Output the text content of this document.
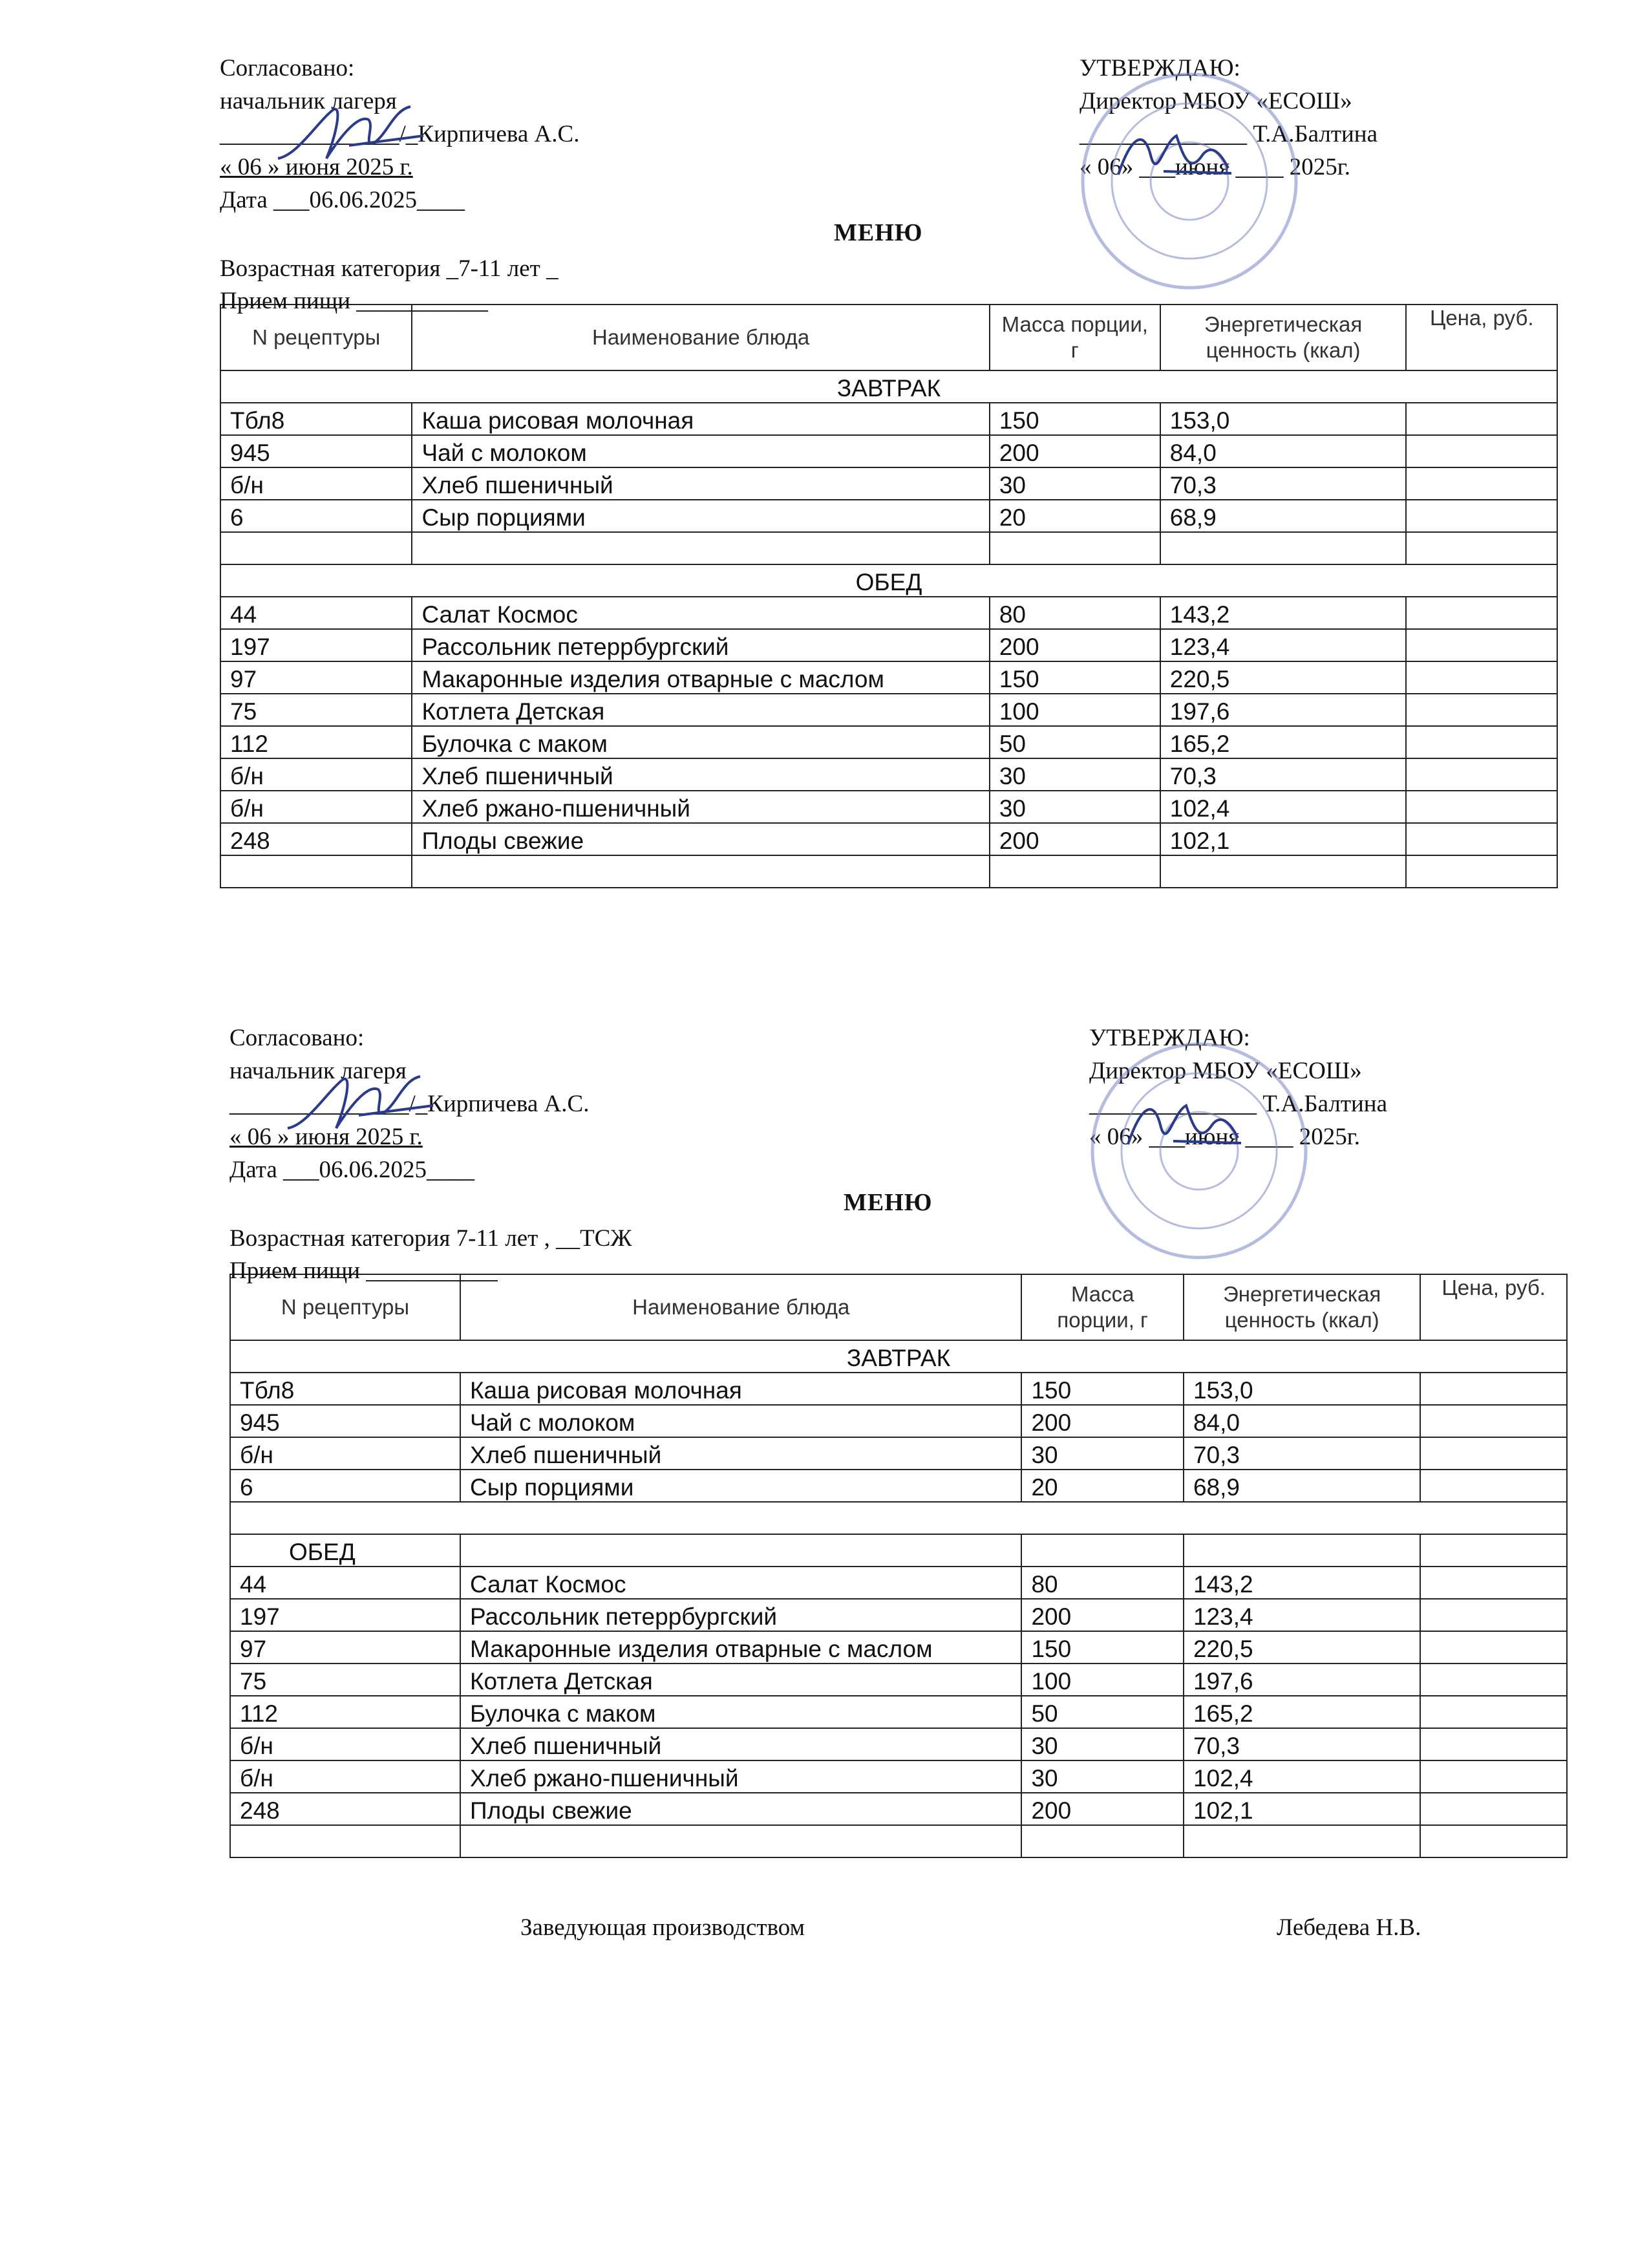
Согласовано:
начальник лагеря
_______________/_Кирпичева А.С.
« 06 » июня 2025 г.
Дата ___06.06.2025____
УТВЕРЖДАЮ:
Директор МБОУ «ЕСОШ»
______________ Т.А.Балтина
« 06» ___июня ____ 2025г.
МЕНЮ
Возрастная категория _7-11 лет _
Прием пищи ___________
N рецептуры	Наименование блюда	Масса порции, г	Энергетическая ценность (ккал)	Цена, руб.
ЗАВТРАК				
Тбл8	Каша рисовая молочная	150	153,0	
945	Чай с молоком	200	84,0	
б/н	Хлеб пшеничный	30	70,3	
6	Сыр порциями	20	68,9	

ОБЕД				
44	Салат Космос	80	143,2	
197	Рассольник петеррбургский	200	123,4	
97	Макаронные изделия отварные с маслом	150	220,5	
75	Котлета Детская	100	197,6	
112	Булочка с маком	50	165,2	
б/н	Хлеб пшеничный	30	70,3	
б/н	Хлеб ржано-пшеничный	30	102,4	
248	Плоды свежие	200	102,1	

Согласовано:
начальник лагеря
_______________/_Кирпичева А.С.
« 06 » июня 2025 г.
Дата ___06.06.2025____
УТВЕРЖДАЮ:
Директор МБОУ «ЕСОШ»
______________ Т.А.Балтина
« 06» ___июня ____ 2025г.
МЕНЮ
Возрастная категория 7-11 лет , __ТСЖ
Прием пищи ___________
N рецептуры	Наименование блюда	Масса порции, г	Энергетическая ценность (ккал)	Цена, руб.
ЗАВТРАК				
Тбл8	Каша рисовая молочная	150	153,0	
945	Чай с молоком	200	84,0	
б/н	Хлеб пшеничный	30	70,3	
6	Сыр порциями	20	68,9	

ОБЕД				
44	Салат Космос	80	143,2	
197	Рассольник петеррбургский	200	123,4	
97	Макаронные изделия отварные с маслом	150	220,5	
75	Котлета Детская	100	197,6	
112	Булочка с маком	50	165,2	
б/н	Хлеб пшеничный	30	70,3	
б/н	Хлеб ржано-пшеничный	30	102,4	
248	Плоды свежие	200	102,1	

Заведующая производством	Лебедева Н.В.
